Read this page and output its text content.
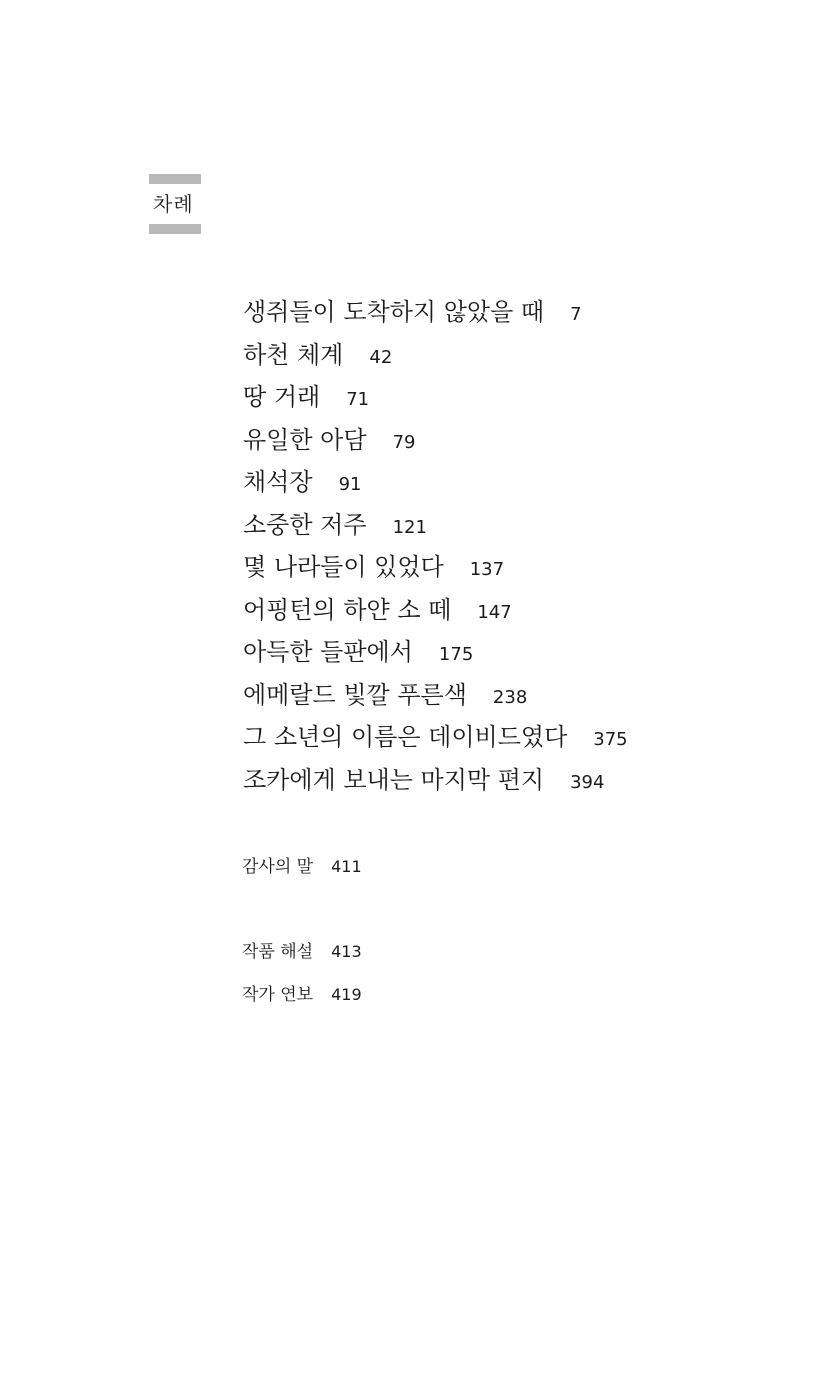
차례
생쥐들이 도착하지 않았을 때 7
하천 체계 42
땅 거래 71
유일한 아담 79
채석장 91
소중한 저주 121
몇 나라들이 있었다 137
어핑턴의 하얀 소 떼 147
아득한 들판에서 175
에메랄드 빛깔 푸른색 238
그 소년의 이름은 데이비드였다 375
조카에게 보내는 마지막 편지 394
감사의 말 411
작품 해설 413
작가 연보 419
